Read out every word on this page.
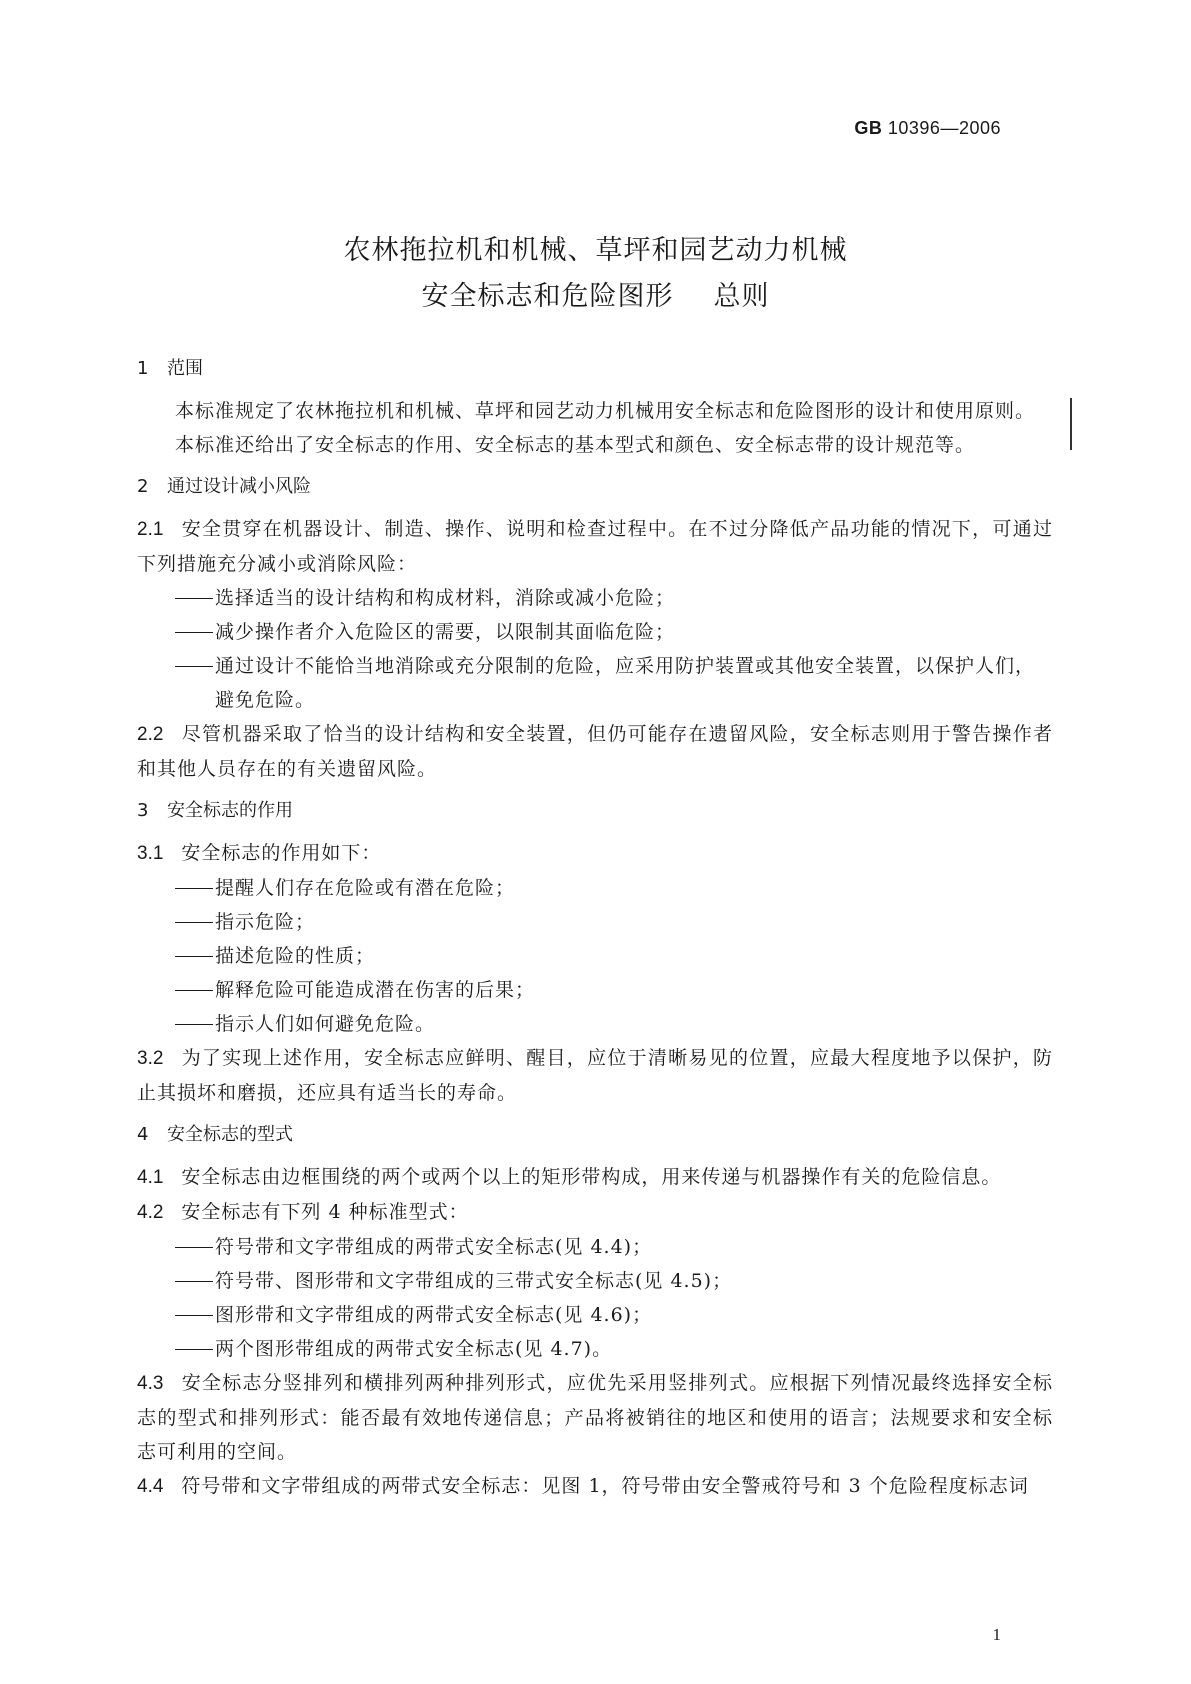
GB 10396—2006
农林拖拉机和机械、草坪和园艺动力机械
安全标志和危险图形 总则

1 范围

本标准规定了农林拖拉机和机械、草坪和园艺动力机械用安全标志和危险图形的设计和使用原则。

本标准还给出了安全标志的作用、安全标志的基本型式和颜色、安全标志带的设计规范等。

2 通过设计减小风险

2.1 安全贯穿在机器设计、制造、操作、说明和检查过程中。在不过分降低产品功能的情况下，可通过下列措施充分减小或消除风险：

选择适当的设计结构和构成材料，消除或减小危险；

减少操作者介入危险区的需要，以限制其面临危险；

通过设计不能恰当地消除或充分限制的危险，应采用防护装置或其他安全装置，以保护人们，

避免危险。

2.2 尽管机器采取了恰当的设计结构和安全装置，但仍可能存在遗留风险，安全标志则用于警告操作者和其他人员存在的有关遗留风险。

3 安全标志的作用

3.1 安全标志的作用如下：

提醒人们存在危险或有潜在危险；

指示危险；

描述危险的性质；

解释危险可能造成潜在伤害的后果；

指示人们如何避免危险。

3.2 为了实现上述作用，安全标志应鲜明、醒目，应位于清晰易见的位置，应最大程度地予以保护，防止其损坏和磨损，还应具有适当长的寿命。

4 安全标志的型式

4.1 安全标志由边框围绕的两个或两个以上的矩形带构成，用来传递与机器操作有关的危险信息。

4.2 安全标志有下列 4 种标准型式：

符号带和文字带组成的两带式安全标志(见 4.4)；

符号带、图形带和文字带组成的三带式安全标志(见 4.5)；

图形带和文字带组成的两带式安全标志(见 4.6)；

两个图形带组成的两带式安全标志(见 4.7)。

4.3 安全标志分竖排列和横排列两种排列形式，应优先采用竖排列式。应根据下列情况最终选择安全标志的型式和排列形式：能否最有效地传递信息；产品将被销往的地区和使用的语言；法规要求和安全标志可利用的空间。

4.4 符号带和文字带组成的两带式安全标志：见图 1，符号带由安全警戒符号和 3 个危险程度标志词

1
